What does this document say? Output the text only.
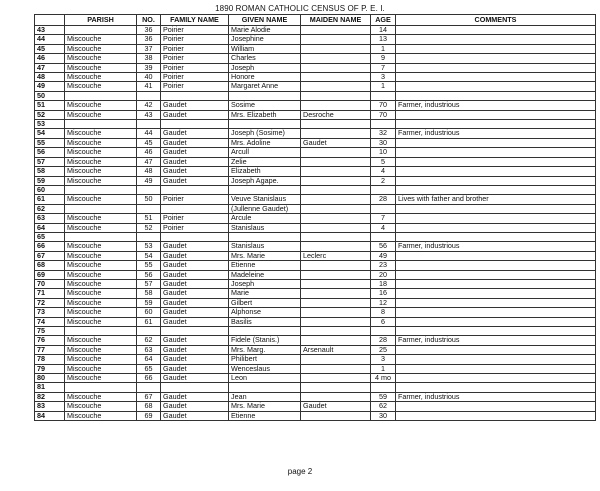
1890 ROMAN CATHOLIC CENSUS OF P. E. I.
	PARISH	NO.	FAMILY NAME	GIVEN NAME	MAIDEN NAME	AGE	COMMENTS
43		36	Poirier	Marie Alodie		14	
44	Miscouche	36	Poirier	Josephine		13	
45	Miscouche	37	Poirier	William		1	
46	Miscouche	38	Poirier	Charles		9	
47	Miscouche	39	Poirier	Joseph		7	
48	Miscouche	40	Poirier	Honore		3	
49	Miscouche	41	Poirier	Margaret Anne		1	
50							
51	Miscouche	42	Gaudet	Sosime		70	Farmer, industrious
52	Miscouche	43	Gaudet	Mrs. Elizabeth	Desroche	70	
53							
54	Miscouche	44	Gaudet	Joseph (Sosime)		32	Farmer, industrious
55	Miscouche	45	Gaudet	Mrs. Adoline	Gaudet	30	
56	Miscouche	46	Gaudet	Arcull		10	
57	Miscouche	47	Gaudet	Zelie		5	
58	Miscouche	48	Gaudet	Elizabeth		4	
59	Miscouche	49	Gaudet	Joseph Agape.		2	
60							
61	Miscouche	50	Poirier	Veuve Stanislaus		28	Lives with father and brother
62				(Jullenne Gaudet)			
63	Miscouche	51	Poirier	Arcule		7	
64	Miscouche	52	Poirier	Stanislaus		4	
65							
66	Miscouche	53	Gaudet	Stanislaus		56	Farmer, industrious
67	Miscouche	54	Gaudet	Mrs. Marie	Leclerc	49	
68	Miscouche	55	Gaudet	Etienne		23	
69	Miscouche	56	Gaudet	Madeleine		20	
70	Miscouche	57	Gaudet	Joseph		18	
71	Miscouche	58	Gaudet	Marie		16	
72	Miscouche	59	Gaudet	Gilbert		12	
73	Miscouche	60	Gaudet	Alphonse		8	
74	Miscouche	61	Gaudet	Basilis		6	
75							
76	Miscouche	62	Gaudet	Fidele (Stanis.)		28	Farmer, industrious
77	Miscouche	63	Gaudet	Mrs. Marg.	Arsenault	25	
78	Miscouche	64	Gaudet	Philibert		3	
79	Miscouche	65	Gaudet	Wenceslaus		1	
80	Miscouche	66	Gaudet	Leon		4 mo	
81							
82	Miscouche	67	Gaudet	Jean		59	Farmer, industrious
83	Miscouche	68	Gaudet	Mrs. Marie	Gaudet	62	
84	Miscouche	69	Gaudet	Etienne		30	
page 2
